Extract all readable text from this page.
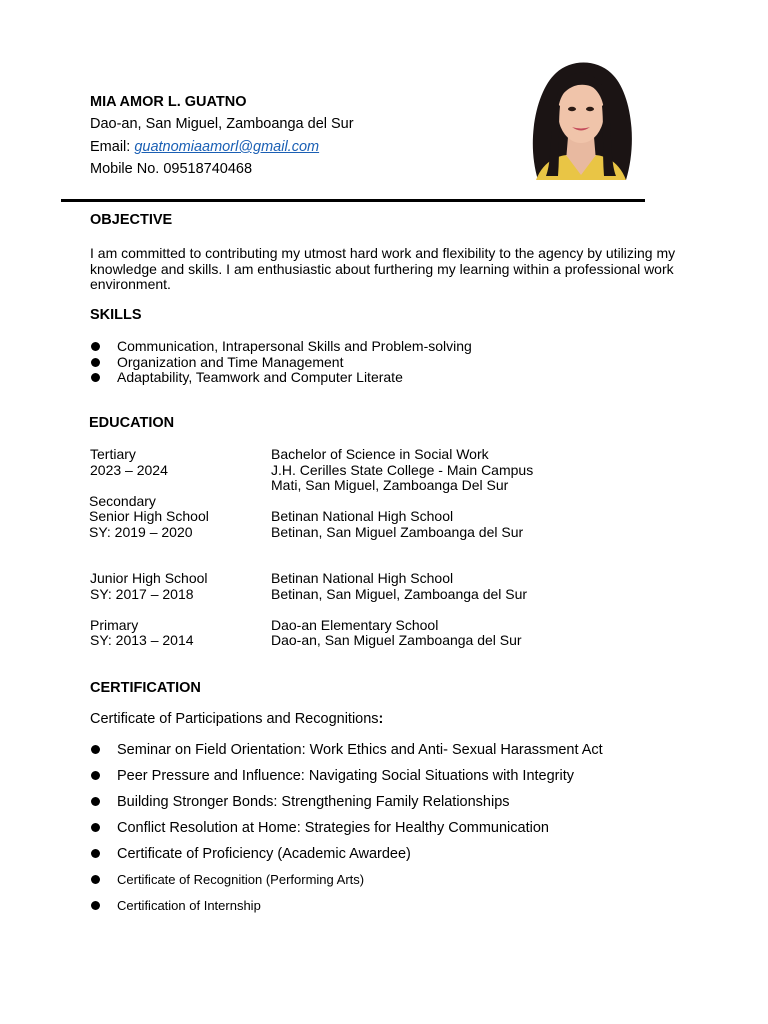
MIA AMOR L. GUATNO
Dao-an, San Miguel, Zamboanga del Sur
Email: guatnomiaamorl@gmail.com
Mobile No. 09518740468
OBJECTIVE
I am committed to contributing my utmost hard work and flexibility to the agency by utilizing my knowledge and skills. I am enthusiastic about furthering my learning within a professional work environment.
SKILLS
Communication, Intrapersonal Skills and Problem-solving
Organization and Time Management
Adaptability, Teamwork and Computer Literate
EDUCATION
Tertiary
2023 – 2024
Bachelor of Science in Social Work
J.H. Cerilles State College - Main Campus
Mati, San Miguel, Zamboanga Del Sur
Secondary
Senior High School
SY: 2019 – 2020
Betinan National High School
Betinan, San Miguel Zamboanga del Sur
Junior High School
SY: 2017 – 2018
Betinan National High School
Betinan, San Miguel, Zamboanga del Sur
Primary
SY: 2013 – 2014
Dao-an Elementary School
Dao-an, San Miguel Zamboanga del Sur
CERTIFICATION
Certificate of Participations and Recognitions:
Seminar on Field Orientation: Work Ethics and Anti- Sexual Harassment Act
Peer Pressure and Influence: Navigating Social Situations with Integrity
Building Stronger Bonds: Strengthening Family Relationships
Conflict Resolution at Home: Strategies for Healthy Communication
Certificate of Proficiency (Academic Awardee)
Certificate of Recognition (Performing Arts)
Certification of Internship
